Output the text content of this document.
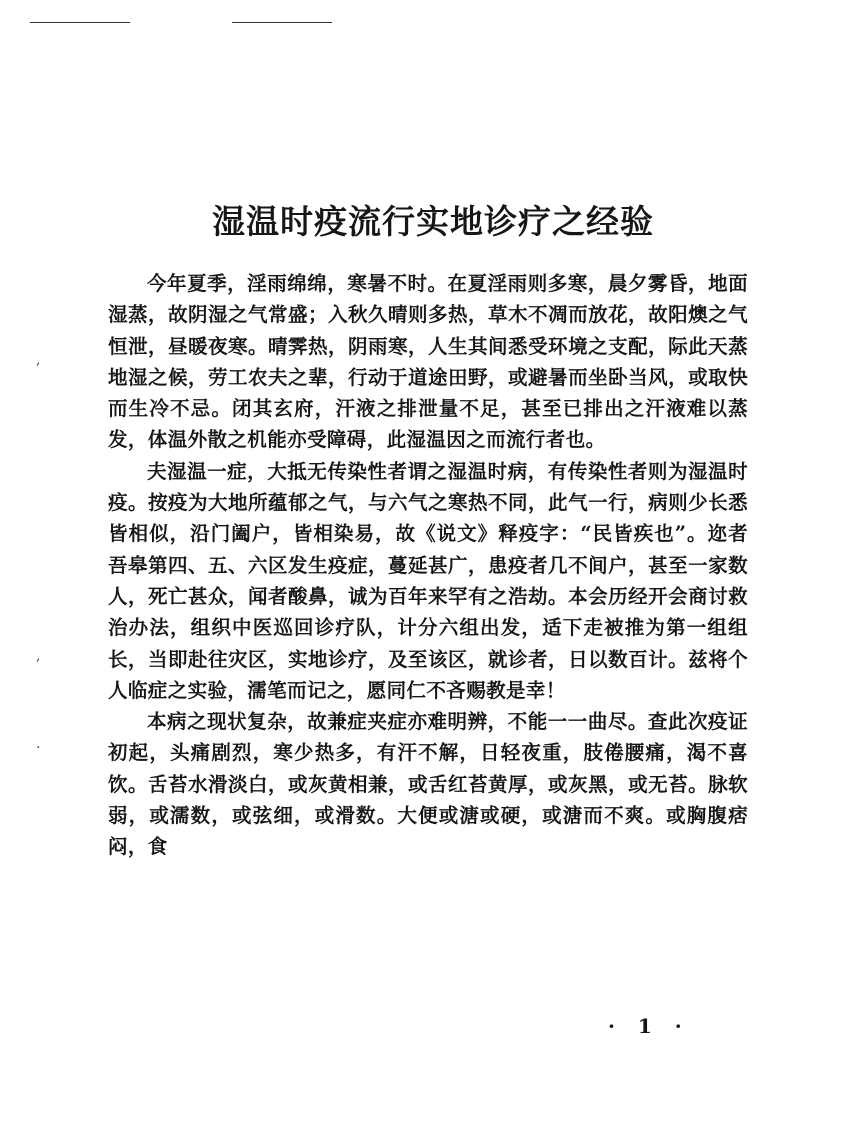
湿温时疫流行实地诊疗之经验
,
,
.

今年夏季，淫雨绵绵，寒暑不时。在夏淫雨则多寒，晨夕雾昏，地面湿蒸，故阴湿之气常盛；入秋久晴则多热，草木不凋而放花，故阳燠之气恒泄，昼暖夜寒。晴霁热，阴雨寒，人生其间悉受环境之支配，际此天蒸地湿之候，劳工农夫之辈，行动于道途田野，或避暑而坐卧当风，或取快而生冷不忌。闭其玄府，汗液之排泄量不足，甚至已排出之汗液难以蒸发，体温外散之机能亦受障碍，此湿温因之而流行者也。

夫湿温一症，大抵无传染性者谓之湿温时病，有传染性者则为湿温时疫。按疫为大地所蕴郁之气，与六气之寒热不同，此气一行，病则少长悉皆相似，沿门阖户，皆相染易，故《说文》释疫字：“民皆疾也”。迩者吾皋第四、五、六区发生疫症，蔓延甚广，患疫者几不间户，甚至一家数人，死亡甚众，闻者酸鼻，诚为百年来罕有之浩劫。本会历经开会商讨救治办法，组织中医巡回诊疗队，计分六组出发，适下走被推为第一组组长，当即赴往灾区，实地诊疗，及至该区，就诊者，日以数百计。兹将个人临症之实验，濡笔而记之，愿同仁不吝赐教是幸！

本病之现状复杂，故兼症夹症亦难明辨，不能一一曲尽。查此次疫证初起，头痛剧烈，寒少热多，有汗不解，日轻夜重，肢倦腰痛，渴不喜饮。舌苔水滑淡白，或灰黄相兼，或舌红苔黄厚，或灰黑，或无苔。脉软弱，或濡数，或弦细，或滑数。大便或溏或硬，或溏而不爽。或胸腹痞闷，食

· 1 ·
